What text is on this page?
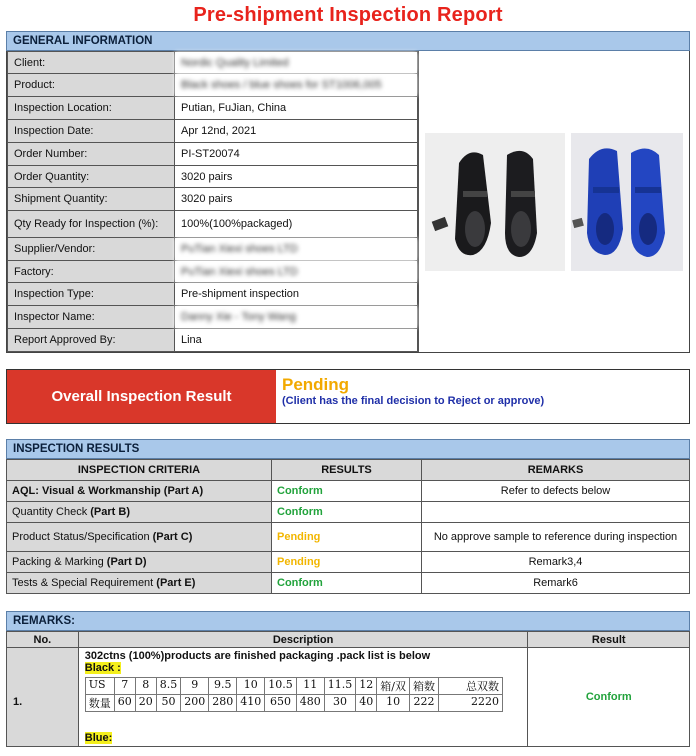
Pre-shipment Inspection Report
GENERAL INFORMATION
Client:	Nordic Quality Limited
Product:	Black shoes / blue shoes for ST1006,005
Inspection Location:	Putian, FuJian, China
Inspection Date:	Apr 12nd, 2021
Order Number:	PI-ST20074
Order Quantity:	3020 pairs
Shipment Quantity:	3020 pairs
Qty Ready for Inspection (%):	100%(100%packaged)
Supplier/Vendor:	PuTian Xiexi shoes LTD
Factory:	PuTian Xiexi shoes LTD
Inspection Type:	Pre-shipment inspection
Inspector Name:	Danny Xie - Tony Wang
Report Approved By:	Lina
Overall Inspection Result
Pending
(Client has the final decision to Reject or approve)
INSPECTION RESULTS
INSPECTION CRITERIA	RESULTS	REMARKS
AQL: Visual & Workmanship (Part A)	Conform	Refer to defects below
Quantity Check (Part B)	Conform	
Product Status/Specification (Part C)	Pending	No approve sample to reference during inspection
Packing & Marking (Part D)	Pending	Remark3,4
Tests & Special Requirement (Part E)	Conform	Remark6
REMARKS:
No.	Description	Result
1.	
302ctns (100%)products are finished packaging .pack list is below
Black :
US	7	8	8.5	9	9.5	10	10.5	11	11.5	12	箱/双	箱数	总双数
数量	60	20	50	200	280	410	650	480	30	40	10	222	2220
Blue:
	Conform
